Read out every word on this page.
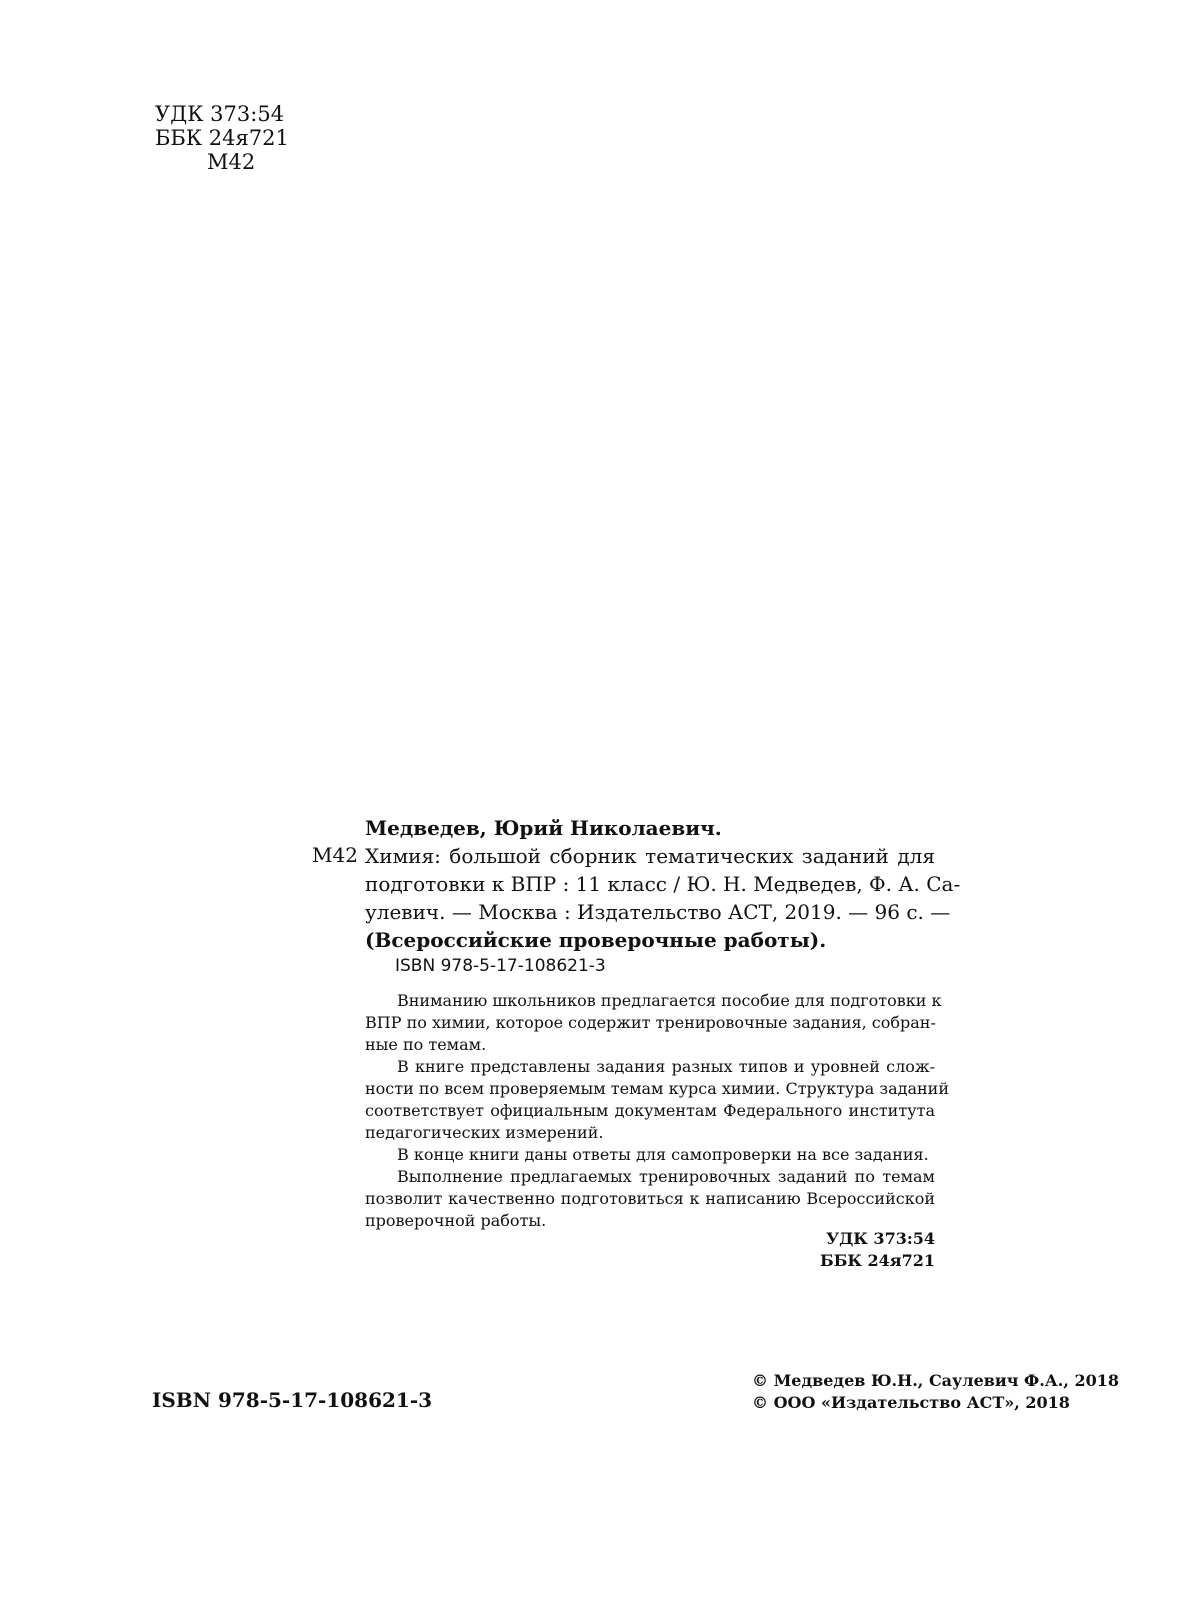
УДК 373:54
ББК 24я721
М42
М42
Медведев, Юрий Николаевич.
Химия: большой сборник тематических заданий для
подготовки к ВПР : 11 класс / Ю. Н. Медведев, Ф. А. Са-
улевич. — Москва : Издательство АСТ, 2019. — 96 с. —
(Всероссийские проверочные работы).
ISBN 978-5-17-108621-3
Вниманию школьников предлагается пособие для подготовки к
ВПР по химии, которое содержит тренировочные задания, собран-
ные по темам.
В книге представлены задания разных типов и уровней слож-
ности по всем проверяемым темам курса химии. Структура заданий
соответствует официальным документам Федерального института
педагогических измерений.
В конце книги даны ответы для самопроверки на все задания.
Выполнение предлагаемых тренировочных заданий по темам
позволит качественно подготовиться к написанию Всероссийской
проверочной работы.
УДК 373:54
ББК 24я721
ISBN 978-5-17-108621-3
© Медведев Ю.Н., Саулевич Ф.А., 2018
© ООО «Издательство АСТ», 2018
